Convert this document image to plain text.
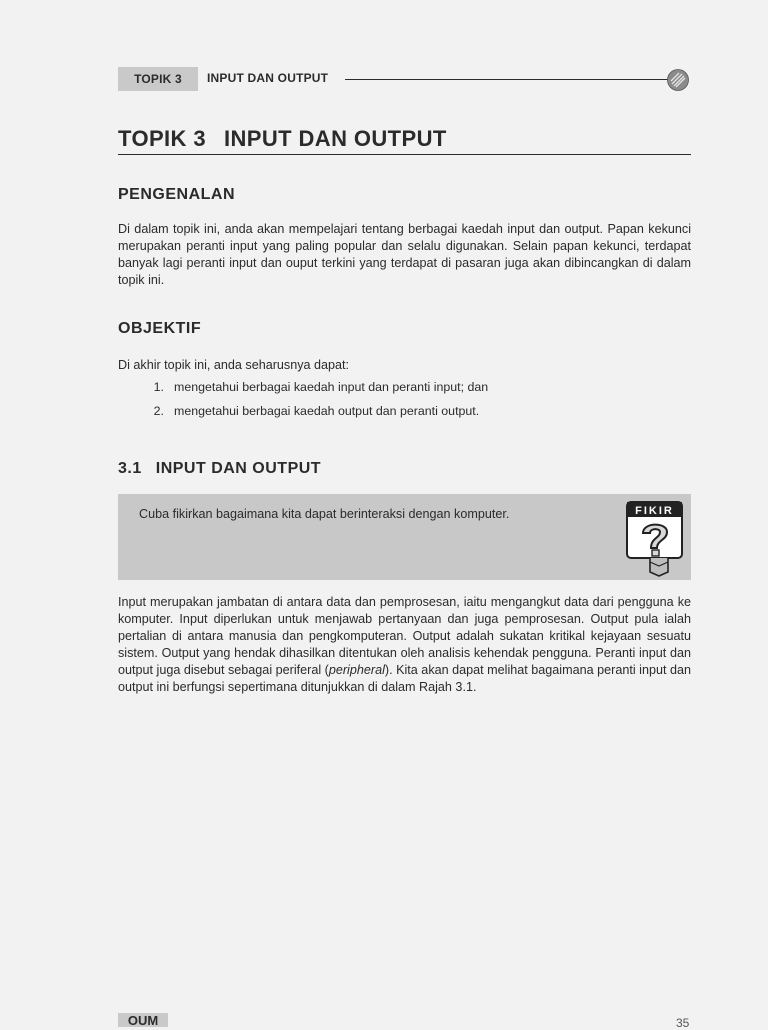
TOPIK 3	INPUT DAN OUTPUT
TOPIK 3 INPUT DAN OUTPUT
PENGENALAN

Di dalam topik ini, anda akan mempelajari tentang berbagai kaedah input dan output. Papan kekunci merupakan peranti input yang paling popular dan selalu digunakan. Selain papan kekunci, terdapat banyak lagi peranti input dan ouput terkini yang terdapat di pasaran juga akan dibincangkan di dalam topik ini.

OBJEKTIF

Di akhir topik ini, anda seharusnya dapat:

1. mengetahui berbagai kaedah input dan peranti input; dan
2. mengetahui berbagai kaedah output dan peranti output.
3.1 INPUT DAN OUTPUT
Cuba fikirkan bagaimana kita dapat berinteraksi dengan komputer.	FIKIR

Input merupakan jambatan di antara data dan pemprosesan, iaitu mengangkut data dari pengguna ke komputer. Input diperlukan untuk menjawab pertanyaan dan juga pemprosesan. Output pula ialah pertalian di antara manusia dan pengkomputeran. Output adalah sukatan kritikal kejayaan sesuatu sistem. Output yang hendak dihasilkan ditentukan oleh analisis kehendak pengguna. Peranti input dan output juga disebut sebagai periferal (peripheral). Kita akan dapat melihat bagaimana peranti input dan output ini berfungsi sepertimana ditunjukkan di dalam Rajah 3.1.

OUM	35
